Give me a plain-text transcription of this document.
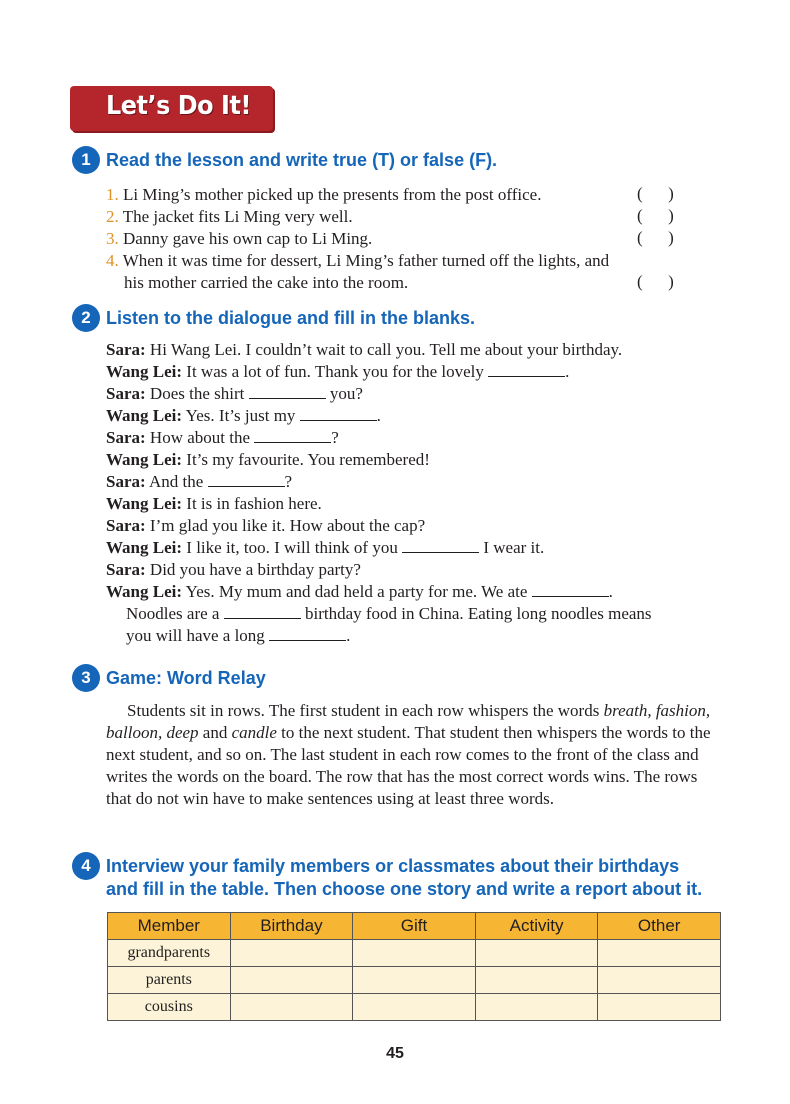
Let’s Do It!
1 Read the lesson and write true (T) or false (F).
1. Li Ming’s mother picked up the presents from the post office.	(      )
2. The jacket fits Li Ming very well.	(      )
3. Danny gave his own cap to Li Ming.	(      )
4. When it was time for dessert, Li Ming’s father turned off the lights, and
his mother carried the cake into the room.	(      )
2 Listen to the dialogue and fill in the blanks.
Sara: Hi Wang Lei. I couldn’t wait to call you. Tell me about your birthday.
Wang Lei: It was a lot of fun. Thank you for the lovely	.
Sara: Does the shirt	you?
Wang Lei: Yes. It’s just my	.
Sara: How about the	?
Wang Lei: It’s my favourite. You remembered!
Sara: And the	?
Wang Lei: It is in fashion here.
Sara: I’m glad you like it. How about the cap?
Wang Lei: I like it, too. I will think of you	I wear it.
Sara: Did you have a birthday party?
Wang Lei: Yes. My mum and dad held a party for me. We ate	.
Noodles are a	birthday food in China. Eating long noodles means
you will have a long	.
3 Game: Word Relay

Students sit in rows. The first student in each row whispers the words breath, fashion, balloon, deep and candle to the next student. That student then whispers the words to the next student, and so on. The last student in each row comes to the front of the class and writes the words on the board. The row that has the most correct words wins. The rows that do not win have to make sentences using at least three words.

4 Interview your family members or classmates about their birthdays
and fill in the table. Then choose one story and write a report about it.
Member	Birthday	Gift	Activity	Other
grandparents				
parents				
cousins				
45
